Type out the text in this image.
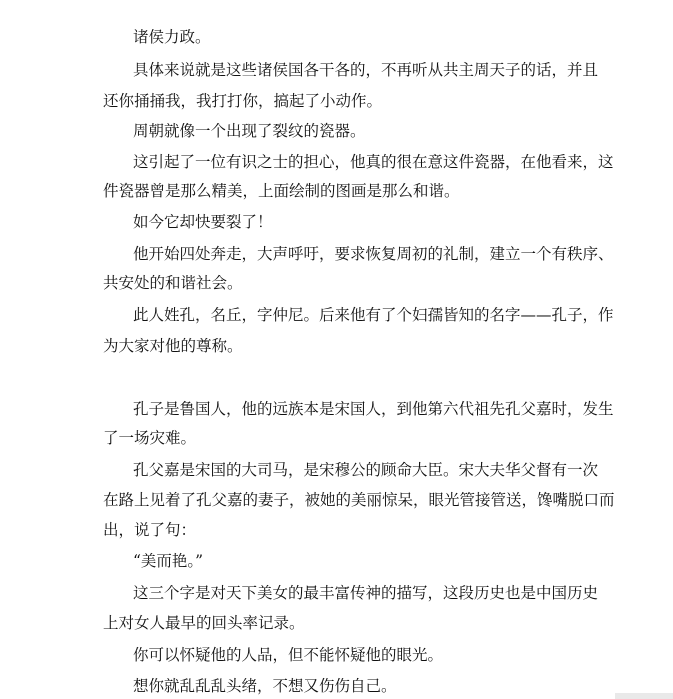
诸侯力政。
具体来说就是这些诸侯国各干各的，不再听从共主周天子的话，并且
还你捅捅我，我打打你，搞起了小动作。
周朝就像一个出现了裂纹的瓷器。
这引起了一位有识之士的担心，他真的很在意这件瓷器，在他看来，这
件瓷器曾是那么精美，上面绘制的图画是那么和谐。
如今它却快要裂了！
他开始四处奔走，大声呼吁，要求恢复周初的礼制，建立一个有秩序、
共安处的和谐社会。
此人姓孔，名丘，字仲尼。后来他有了个妇孺皆知的名字——孔子，作
为大家对他的尊称。
孔子是鲁国人，他的远族本是宋国人，到他第六代祖先孔父嘉时，发生
了一场灾难。
孔父嘉是宋国的大司马，是宋穆公的顾命大臣。宋大夫华父督有一次
在路上见着了孔父嘉的妻子，被她的美丽惊呆，眼光管接管送，馋嘴脱口而
出，说了句：
“美而艳。”
这三个字是对天下美女的最丰富传神的描写，这段历史也是中国历史
上对女人最早的回头率记录。
你可以怀疑他的人品，但不能怀疑他的眼光。
想你就乱乱乱头绪，不想又伤伤自己。
